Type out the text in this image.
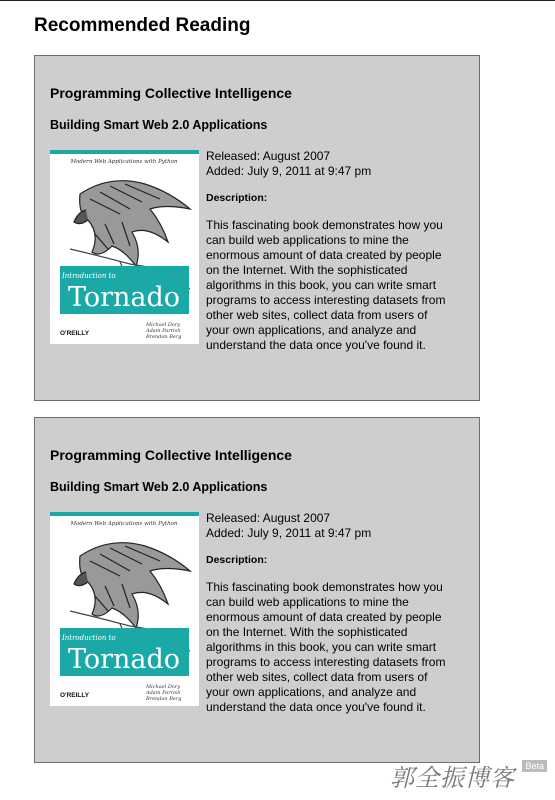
Recommended Reading
Programming Collective Intelligence
Building Smart Web 2.0 Applications
Modern Web Applications with Python
Introduction to
Tornado
O'REILLY
Michael Dory
Adam Parrish
Brendan Berg

Released: August 2007

Added: July 9, 2011 at 9:47 pm

Description:

This fascinating book demonstrates how you can build web applications to mine the enormous amount of data created by people on the Internet. With the sophisticated algorithms in this book, you can write smart programs to access interesting datasets from other web sites, collect data from users of your own applications, and analyze and understand the data once you've found it.

Programming Collective Intelligence
Building Smart Web 2.0 Applications
Modern Web Applications with Python
Introduction to
Tornado
O'REILLY
Michael Dory
Adam Parrish
Brendan Berg

Released: August 2007

Added: July 9, 2011 at 9:47 pm

Description:

This fascinating book demonstrates how you can build web applications to mine the enormous amount of data created by people on the Internet. With the sophisticated algorithms in this book, you can write smart programs to access interesting datasets from other web sites, collect data from users of your own applications, and analyze and understand the data once you've found it.

郭全振博客	Beta
